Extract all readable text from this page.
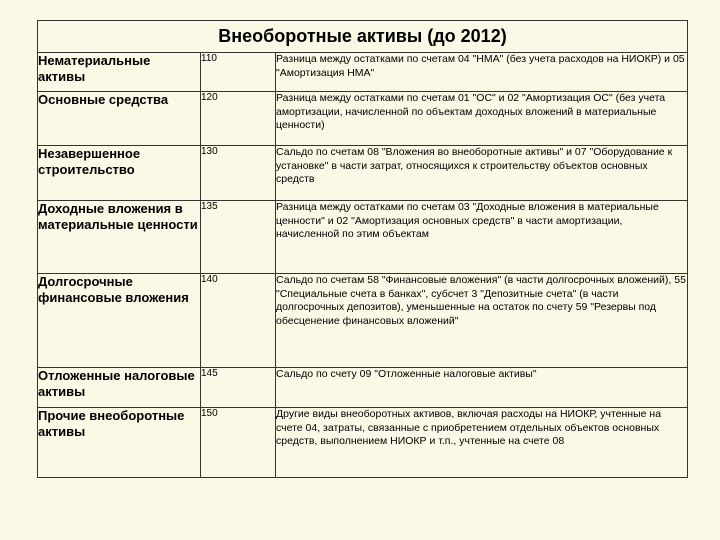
Внеоборотные активы (до 2012)		
Нематериальные активы	110	Разница между остатками по счетам 04 "НМА" (без учета расходов на НИОКР) и 05 "Амортизация НМА"
Основные средства	120	Разница между остатками по счетам 01 "ОС" и 02 "Амортизация ОС" (без учета амортизации, начисленной по объектам доходных вложений в материальные ценности)
Незавершенное строительство	130	Сальдо по счетам 08 "Вложения во внеоборотные активы" и 07 "Оборудование к установке" в части затрат, относящихся к строительству объектов основных средств
Доходные вложения в материальные ценности	135	Разница между остатками по счетам 03 "Доходные вложения в материальные ценности" и 02 "Амортизация основных средств" в части амортизации, начисленной по этим объектам
Долгосрочные финансовые вложения	140	Сальдо по счетам 58 "Финансовые вложения" (в части долгосрочных вложений), 55 "Специальные счета в банках", субсчет 3 "Депозитные счета" (в части долгосрочных депозитов), уменьшенные на остаток по счету 59 "Резервы под обесценение финансовых вложений"
Отложенные налоговые активы	145	Сальдо по счету 09 "Отложенные налоговые активы"
Прочие внеоборотные активы	150	Другие виды внеоборотных активов, включая расходы на НИОКР, учтенные на счете 04, затраты, связанные с приобретением отдельных объектов основных средств, выполнением НИОКР и т.п., учтенные на счете 08
